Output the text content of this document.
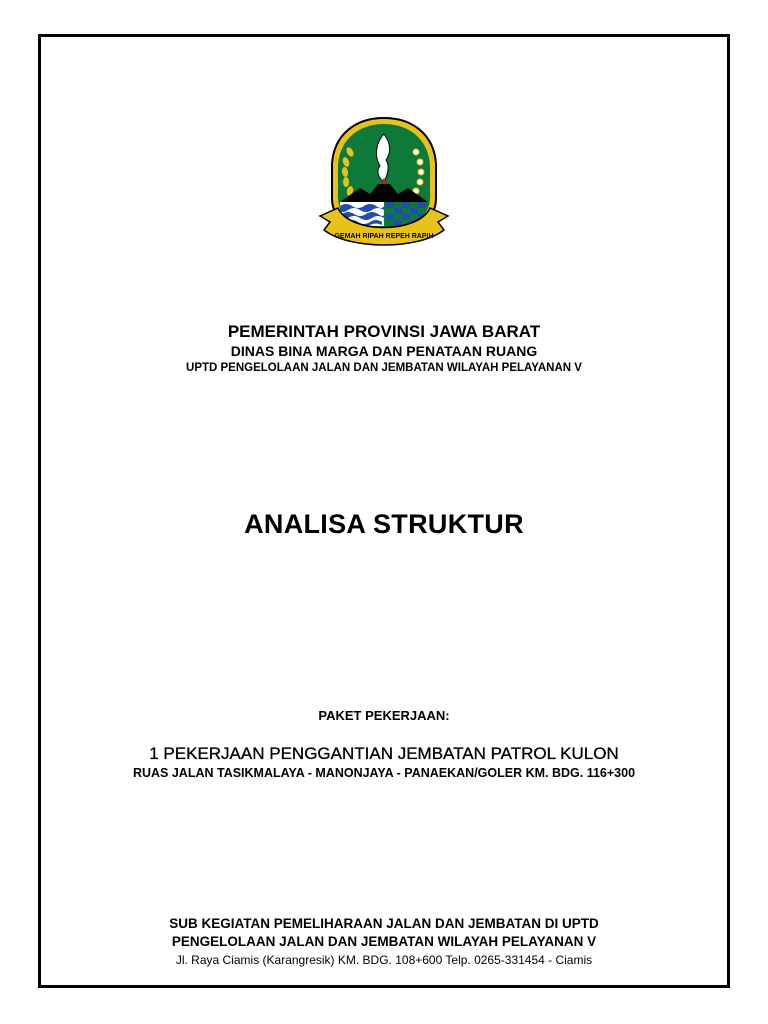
GEMAH RIPAH REPEH RAPIH
PEMERINTAH PROVINSI JAWA BARAT
DINAS BINA MARGA DAN PENATAAN RUANG
UPTD PENGELOLAAN JALAN DAN JEMBATAN WILAYAH PELAYANAN V
ANALISA STRUKTUR
PAKET PEKERJAAN:
1 PEKERJAAN PENGGANTIAN JEMBATAN PATROL KULON
RUAS JALAN TASIKMALAYA - MANONJAYA - PANAEKAN/GOLER KM. BDG. 116+300
SUB KEGIATAN PEMELIHARAAN JALAN DAN JEMBATAN DI UPTD
PENGELOLAAN JALAN DAN JEMBATAN WILAYAH PELAYANAN V
Jl. Raya Ciamis (Karangresik) KM. BDG. 108+600 Telp. 0265-331454 - Ciamis
